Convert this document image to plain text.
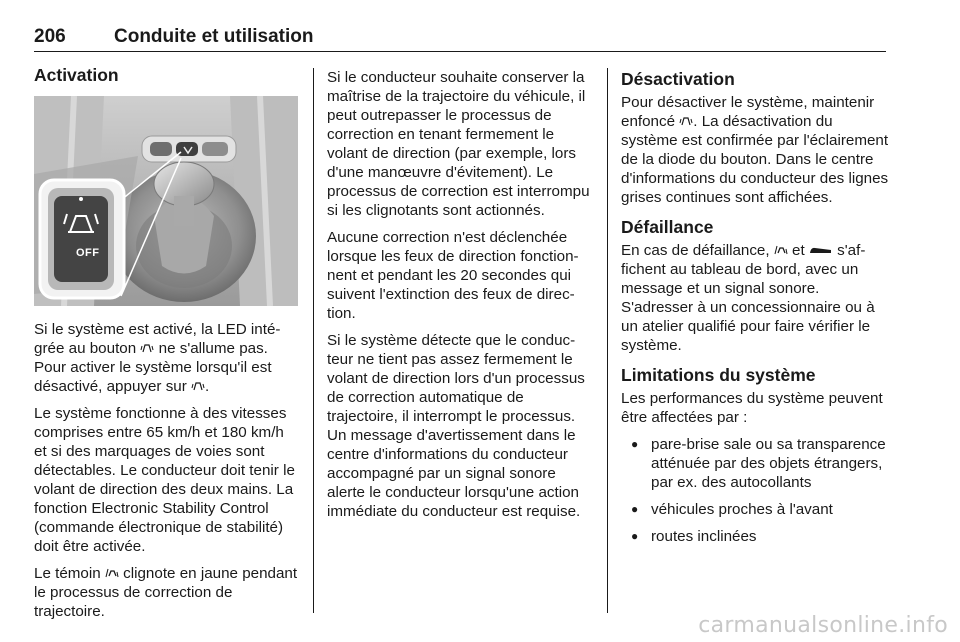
206	Conduite et utilisation
Activation
OFF

Si le système est activé, la LED intégrée au bouton  ne s'allume pas. Pour activer le système lorsqu'il est désactivé, appuyer sur .

Le système fonctionne à des vitesses comprises entre 65 km/h et 180 km/h et si des marquages de voies sont détectables. Le conducteur doit tenir le volant de direction des deux mains. La fonction Electronic Stability Control (commande électronique de stabilité) doit être activée.

Le témoin  clignote en jaune pendant le processus de correction de trajectoire.

Si le conducteur souhaite conserver la maîtrise de la trajectoire du véhicule, il peut outrepasser le processus de correction en tenant fermement le volant de direction (par exemple, lors d'une manœuvre d'évitement). Le processus de correction est interrompu si les clignotants sont actionnés.

Aucune correction n'est déclenchée lorsque les feux de direction fonctionnent et pendant les 20 secondes qui suivent l'extinction des feux de direction.

Si le système détecte que le conducteur ne tient pas assez fermement le volant de direction lors d'un processus de correction automatique de trajectoire, il interrompt le processus. Un message d'avertissement dans le centre d'informations du conducteur accompagné par un signal sonore alerte le conducteur lorsqu'une action immédiate du conducteur est requise.

Désactivation

Pour désactiver le système, maintenir enfoncé . La désactivation du système est confirmée par l'éclairement de la diode du bouton. Dans le centre d'informations du conducteur des lignes grises continues sont affichées.

Défaillance

En cas de défaillance,  et  s'affichent au tableau de bord, avec un message et un signal sonore.

S'adresser à un concessionnaire ou à un atelier qualifié pour faire vérifier le système.

Limitations du système

Les performances du système peuvent être affectées par :

● pare-brise sale ou sa transparence atténuée par des objets étrangers, par ex. des autocollants
● véhicules proches à l'avant
● routes inclinées
carmanualsonline.info
